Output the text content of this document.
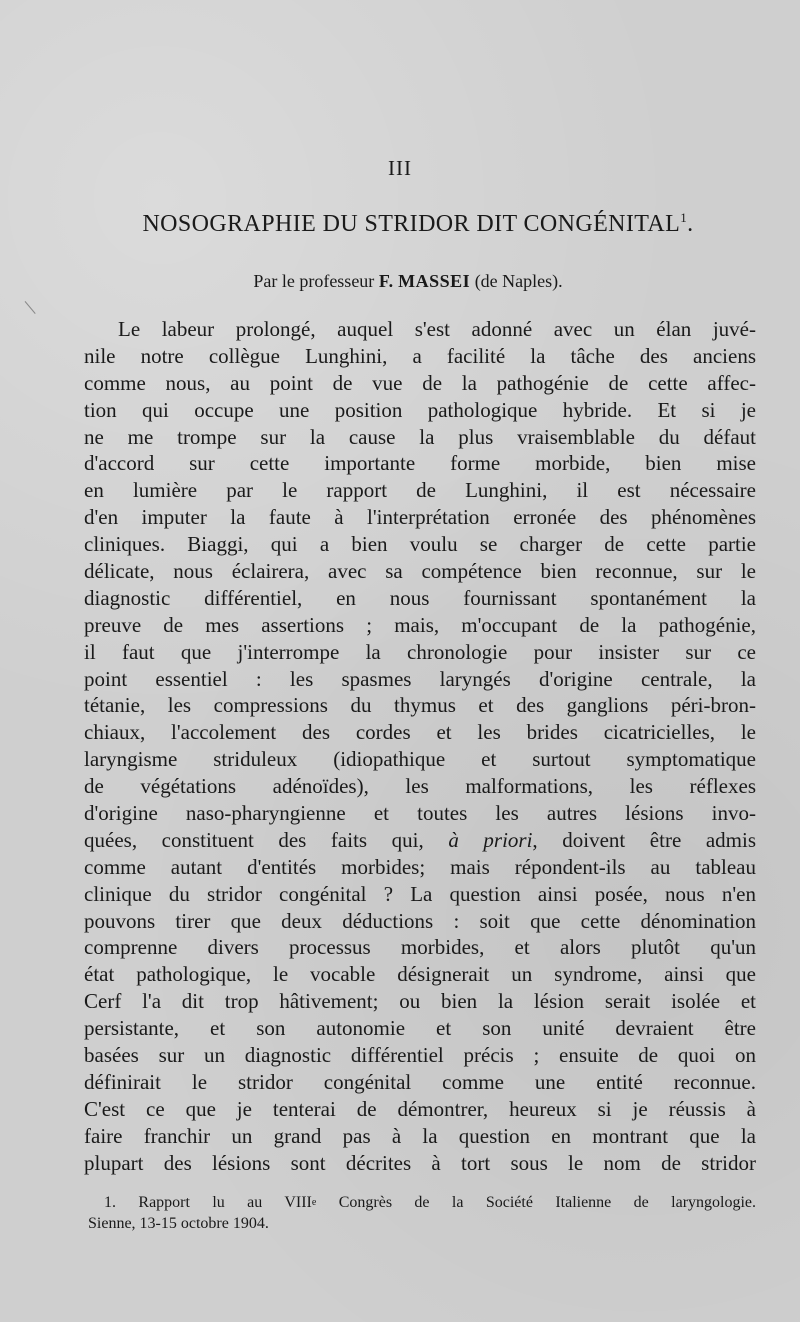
III
NOSOGRAPHIE DU STRIDOR DIT CONGÉNITAL$^1$.
Par le professeur F. MASSEI (de Naples).
Le labeur prolongé, auquel s'est adonné avec un élan juvé-
nile notre collègue Lunghini, a facilité la tâche des anciens
comme nous, au point de vue de la pathogénie de cette affec-
tion qui occupe une position pathologique hybride. Et si je
ne me trompe sur la cause la plus vraisemblable du défaut
d'accord sur cette importante forme morbide, bien mise
en lumière par le rapport de Lunghini, il est nécessaire
d'en imputer la faute à l'interprétation erronée des phénomènes
cliniques. Biaggi, qui a bien voulu se charger de cette partie
délicate, nous éclairera, avec sa compétence bien reconnue, sur le
diagnostic différentiel, en nous fournissant spontanément la
preuve de mes assertions ; mais, m'occupant de la pathogénie,
il faut que j'interrompe la chronologie pour insister sur ce
point essentiel : les spasmes laryngés d'origine centrale, la
tétanie, les compressions du thymus et des ganglions péri-bron-
chiaux, l'accolement des cordes et les brides cicatricielles, le
laryngisme striduleux (idiopathique et surtout symptomatique
de végétations adénoïdes), les malformations, les réflexes
d'origine naso-pharyngienne et toutes les autres lésions invo-
quées, constituent des faits qui, à priori, doivent être admis
comme autant d'entités morbides; mais répondent-ils au tableau
clinique du stridor congénital ? La question ainsi posée, nous n'en
pouvons tirer que deux déductions : soit que cette dénomination
comprenne divers processus morbides, et alors plutôt qu'un
état pathologique, le vocable désignerait un syndrome, ainsi que
Cerf l'a dit trop hâtivement; ou bien la lésion serait isolée et
persistante, et son autonomie et son unité devraient être
basées sur un diagnostic différentiel précis ; ensuite de quoi on
définirait le stridor congénital comme une entité reconnue.
C'est ce que je tenterai de démontrer, heureux si je réussis à
faire franchir un grand pas à la question en montrant que la
plupart des lésions sont décrites à tort sous le nom de stridor
1. Rapport lu au VIIIe Congrès de la Société Italienne de laryngologie.
Sienne, 13-15 octobre 1904.
